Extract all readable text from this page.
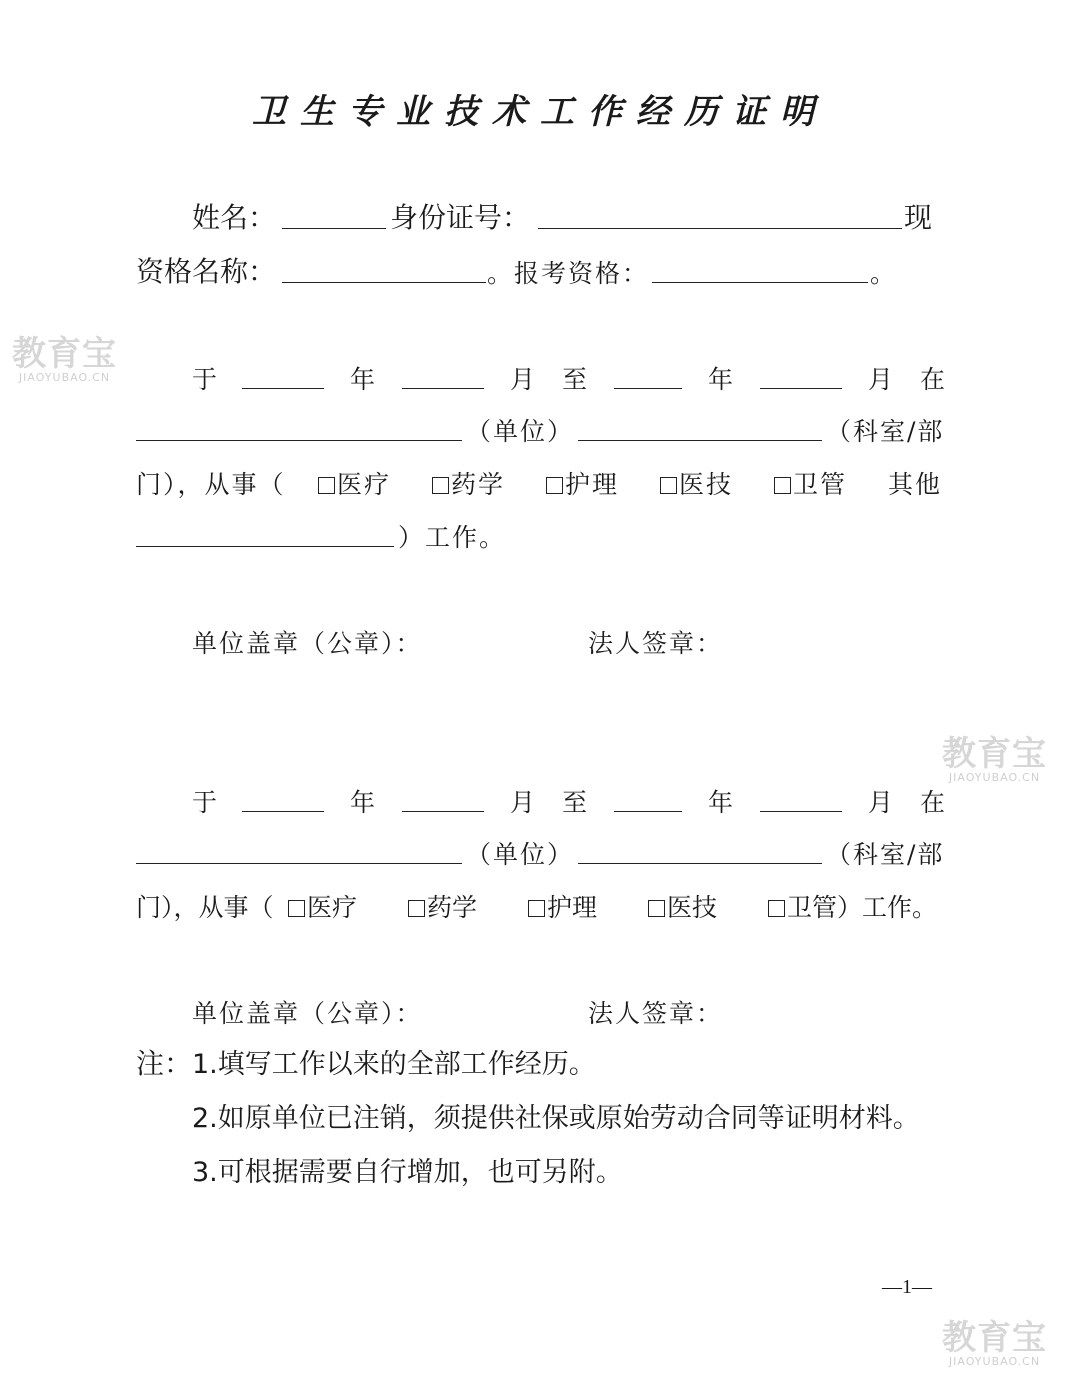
卫生专业技术工作经历证明
姓名：	身份证号：	现
资格名称：	。 报考资格：	。
于	年	月 至	年	月 在
（单位）	（科室/部
门），从事（	医疗	药学	护理	医技	卫管 其他
）工作。
单位盖章（公章）：	法人签章：
于	年	月 至	年	月 在
（单位）	（科室/部
门），从事（	医疗	药学	护理	医技	卫管）工作。
单位盖章（公章）：	法人签章：
注： 1.填写工作以来的全部工作经历。
2.如原单位已注销，须提供社保或原始劳动合同等证明材料。
3.可根据需要自行增加，也可另附。
—1—
教育宝
JIAOYUBAO.CN
教育宝
JIAOYUBAO.CN
教育宝
JIAOYUBAO.CN
